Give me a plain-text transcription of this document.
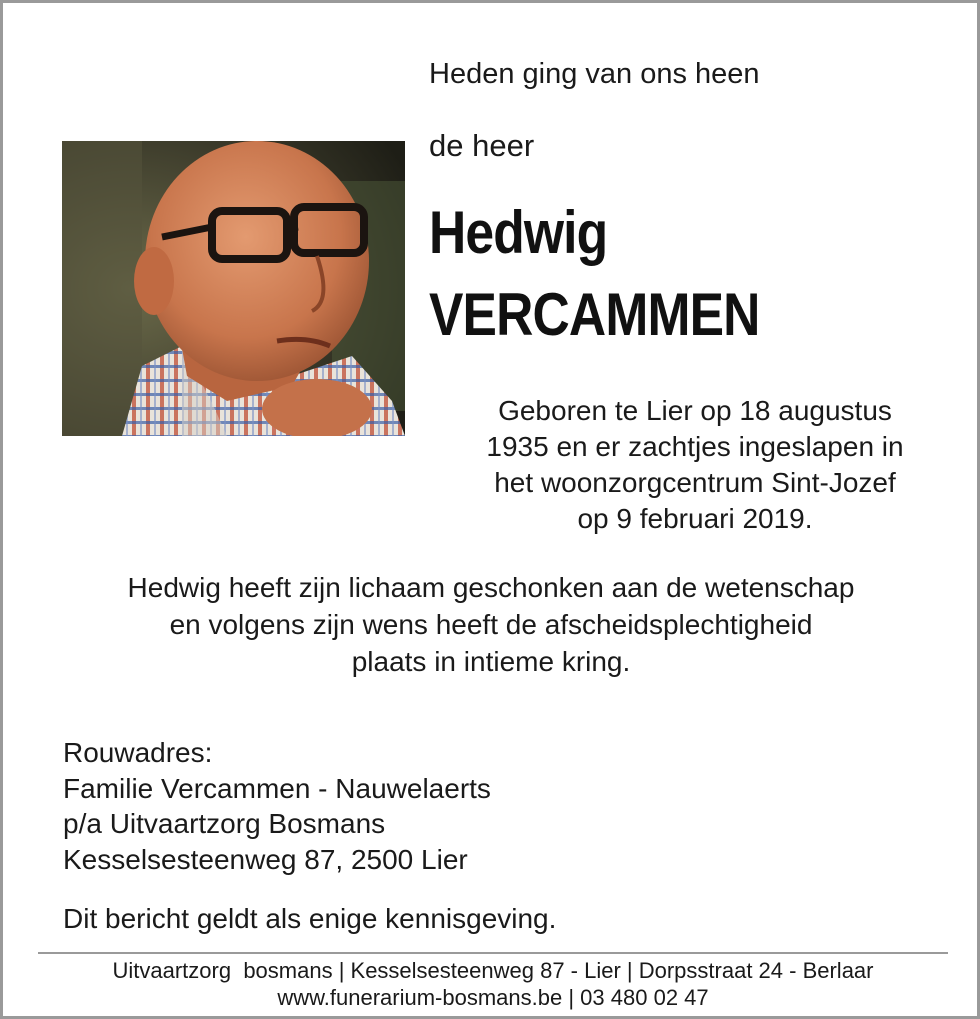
Heden ging van ons heen
de heer
Hedwig
VERCAMMEN
Geboren te Lier op 18 augustus
1935 en er zachtjes ingeslapen in
het woonzorgcentrum Sint-Jozef
op 9 februari 2019.
Hedwig heeft zijn lichaam geschonken aan de wetenschap
en volgens zijn wens heeft de afscheidsplechtigheid
plaats in intieme kring.
Rouwadres:
Familie Vercammen - Nauwelaerts
p/a Uitvaartzorg Bosmans
Kesselsesteenweg 87, 2500 Lier
Dit bericht geldt als enige kennisgeving.
Uitvaartzorg  bosmans | Kesselsesteenweg 87 - Lier | Dorpsstraat 24 - Berlaar
www.funerarium-bosmans.be | 03 480 02 47
